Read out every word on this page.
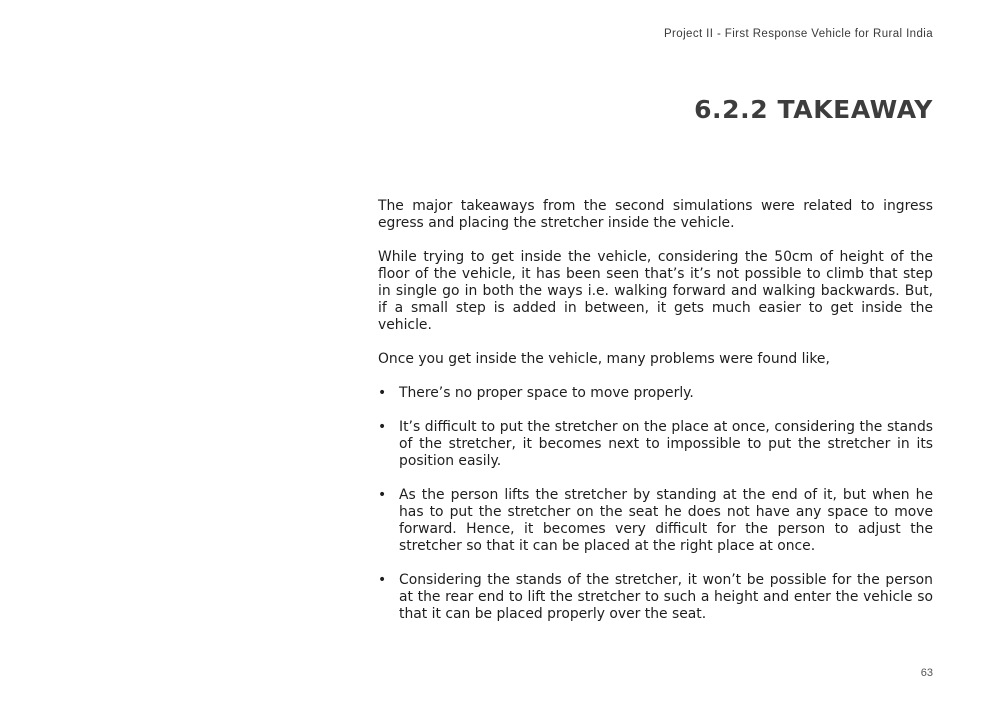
Project II - First Response Vehicle for Rural India
6.2.2 TAKEAWAY

The major takeaways from the second simulations were related to ingress egress and placing the stretcher inside the vehicle.

While trying to get inside the vehicle, considering the 50cm of height of the floor of the vehicle, it has been seen that’s it’s not possible to climb that step in single go in both the ways i.e. walking forward and walking backwards. But, if a small step is added in between, it gets much easier to get inside the vehicle.

Once you get inside the vehicle, many problems were found like,

• There’s no proper space to move properly.
• It’s difficult to put the stretcher on the place at once, considering the stands of the stretcher, it becomes next to impossible to put the stretcher in its position easily.
• As the person lifts the stretcher by standing at the end of it, but when he has to put the stretcher on the seat he does not have any space to move forward. Hence, it becomes very difficult for the person to adjust the stretcher so that it can be placed at the right place at once.
• Considering the stands of the stretcher, it won’t be possible for the person at the rear end to lift the stretcher to such a height and enter the vehicle so that it can be placed properly over the seat.
63
